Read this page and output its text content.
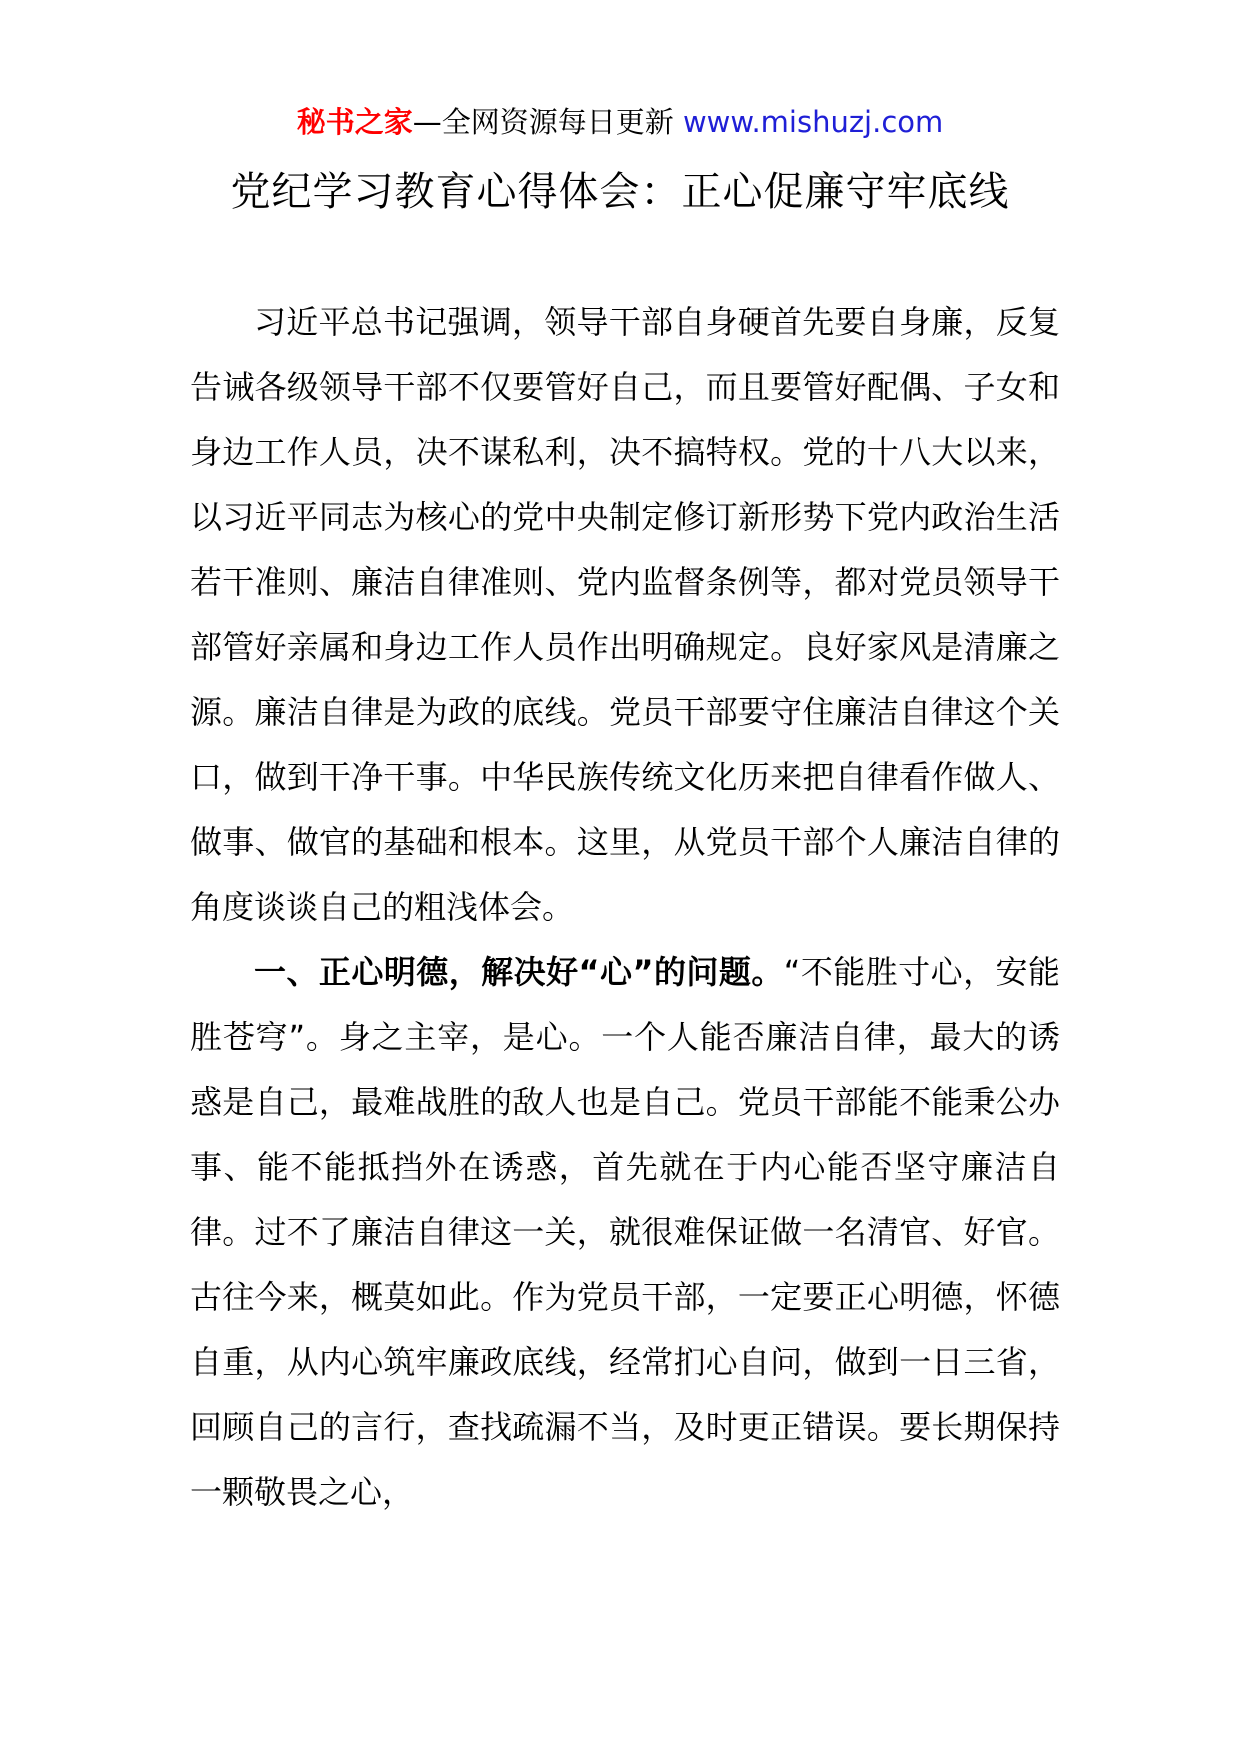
秘书之家—全网资源每日更新 www.mishuzj.com
党纪学习教育心得体会：正心促廉守牢底线

习近平总书记强调，领导干部自身硬首先要自身廉，反复告诫各级领导干部不仅要管好自己，而且要管好配偶、子女和身边工作人员，决不谋私利，决不搞特权。党的十八大以来，以习近平同志为核心的党中央制定修订新形势下党内政治生活若干准则、廉洁自律准则、党内监督条例等，都对党员领导干部管好亲属和身边工作人员作出明确规定。良好家风是清廉之源。廉洁自律是为政的底线。党员干部要守住廉洁自律这个关口，做到干净干事。中华民族传统文化历来把自律看作做人、做事、做官的基础和根本。这里，从党员干部个人廉洁自律的角度谈谈自己的粗浅体会。

一、正心明德，解决好“心”的问题。“不能胜寸心，安能胜苍穹”。身之主宰，是心。一个人能否廉洁自律，最大的诱惑是自己，最难战胜的敌人也是自己。党员干部能不能秉公办事、能不能抵挡外在诱惑，首先就在于内心能否坚守廉洁自律。过不了廉洁自律这一关，就很难保证做一名清官、好官。古往今来，概莫如此。作为党员干部，一定要正心明德，怀德自重，从内心筑牢廉政底线，经常扪心自问，做到一日三省，回顾自己的言行，查找疏漏不当，及时更正错误。要长期保持一颗敬畏之心，
